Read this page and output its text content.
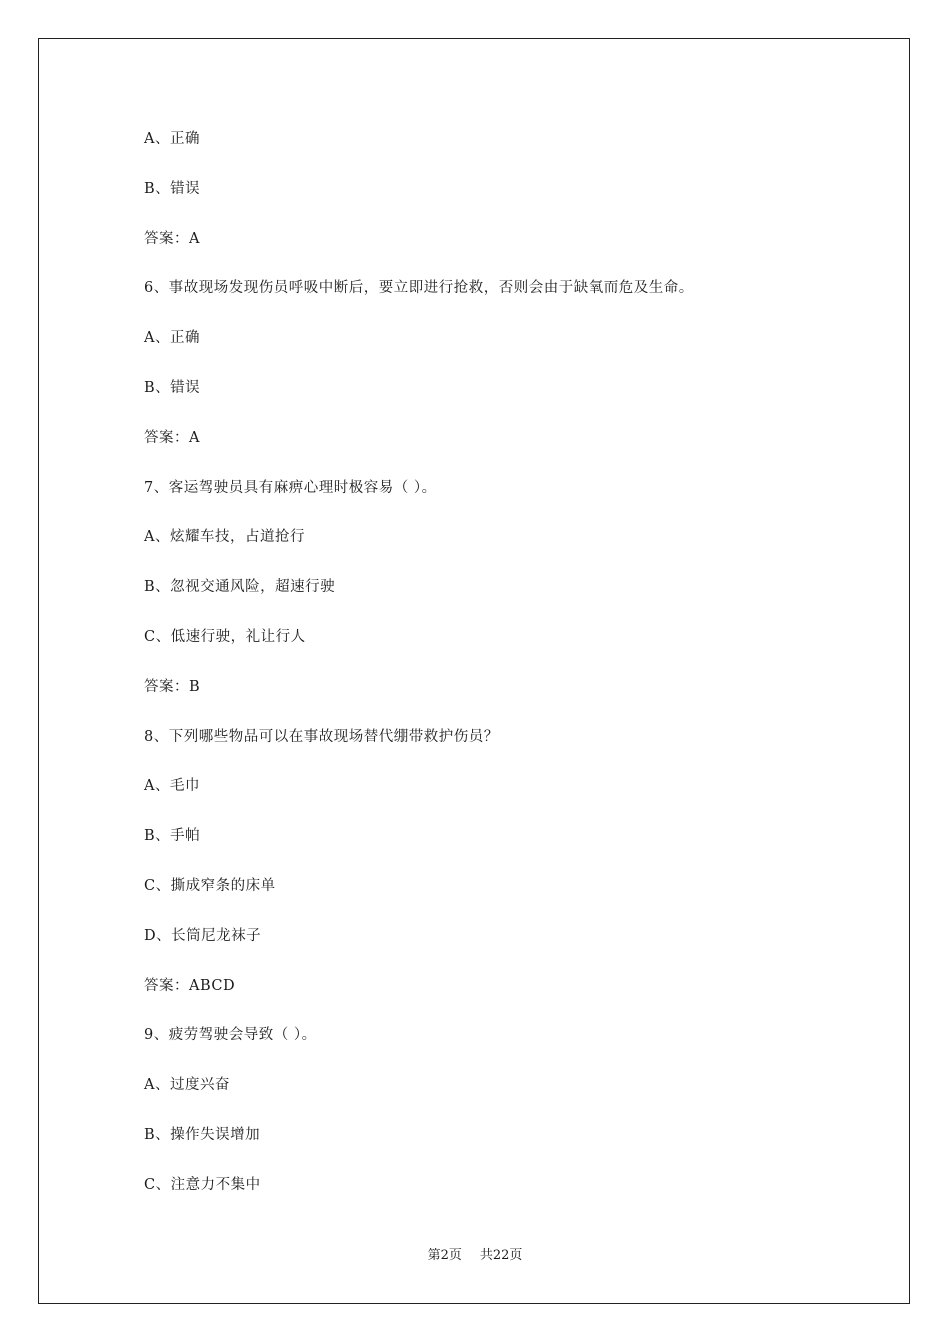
A、正确
B、错误
答案：A
6、事故现场发现伤员呼吸中断后，要立即进行抢救，否则会由于缺氧而危及生命。
A、正确
B、错误
答案：A
7、客运驾驶员具有麻痹心理时极容易（ ）。
A、炫耀车技，占道抢行
B、忽视交通风险，超速行驶
C、低速行驶，礼让行人
答案：B
8、下列哪些物品可以在事故现场替代绷带救护伤员？
A、毛巾
B、手帕
C、撕成窄条的床单
D、长筒尼龙袜子
答案：ABCD
9、疲劳驾驶会导致（ ）。
A、过度兴奋
B、操作失误增加
C、注意力不集中
第2页 共22页
